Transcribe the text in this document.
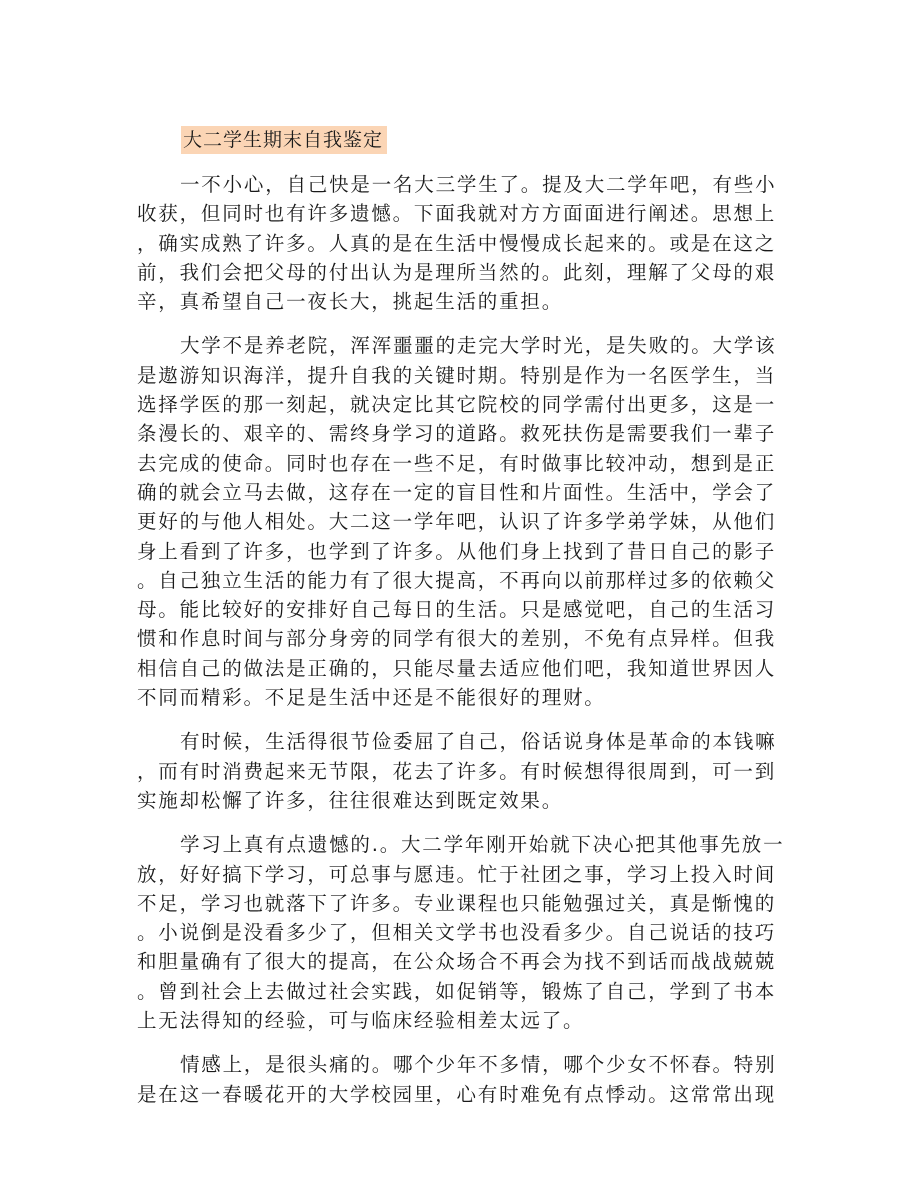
大二学生期末自我鉴定
一不小心，自己快是一名大三学生了。提及大二学年吧，有些小
收获，但同时也有许多遗憾。下面我就对方方面面进行阐述。思想上
，确实成熟了许多。人真的是在生活中慢慢成长起来的。或是在这之
前，我们会把父母的付出认为是理所当然的。此刻，理解了父母的艰
辛，真希望自己一夜长大，挑起生活的重担。
大学不是养老院，浑浑噩噩的走完大学时光，是失败的。大学该
是遨游知识海洋，提升自我的关键时期。特别是作为一名医学生，当
选择学医的那一刻起，就决定比其它院校的同学需付出更多，这是一
条漫长的、艰辛的、需终身学习的道路。救死扶伤是需要我们一辈子
去完成的使命。同时也存在一些不足，有时做事比较冲动，想到是正
确的就会立马去做，这存在一定的盲目性和片面性。生活中，学会了
更好的与他人相处。大二这一学年吧，认识了许多学弟学妹，从他们
身上看到了许多，也学到了许多。从他们身上找到了昔日自己的影子
。自己独立生活的能力有了很大提高，不再向以前那样过多的依赖父
母。能比较好的安排好自己每日的生活。只是感觉吧，自己的生活习
惯和作息时间与部分身旁的同学有很大的差别，不免有点异样。但我
相信自己的做法是正确的，只能尽量去适应他们吧，我知道世界因人
不同而精彩。不足是生活中还是不能很好的理财。
有时候，生活得很节俭委屈了自己，俗话说身体是革命的本钱嘛
，而有时消费起来无节限，花去了许多。有时候想得很周到，可一到
实施却松懈了许多，往往很难达到既定效果。
学习上真有点遗憾的.。大二学年刚开始就下决心把其他事先放一
放，好好搞下学习，可总事与愿违。忙于社团之事，学习上投入时间
不足，学习也就落下了许多。专业课程也只能勉强过关，真是惭愧的
。小说倒是没看多少了，但相关文学书也没看多少。自己说话的技巧
和胆量确有了很大的提高，在公众场合不再会为找不到话而战战兢兢
。曾到社会上去做过社会实践，如促销等，锻炼了自己，学到了书本
上无法得知的经验，可与临床经验相差太远了。
情感上，是很头痛的。哪个少年不多情，哪个少女不怀春。特别
是在这一春暖花开的大学校园里，心有时难免有点悸动。这常常出现
